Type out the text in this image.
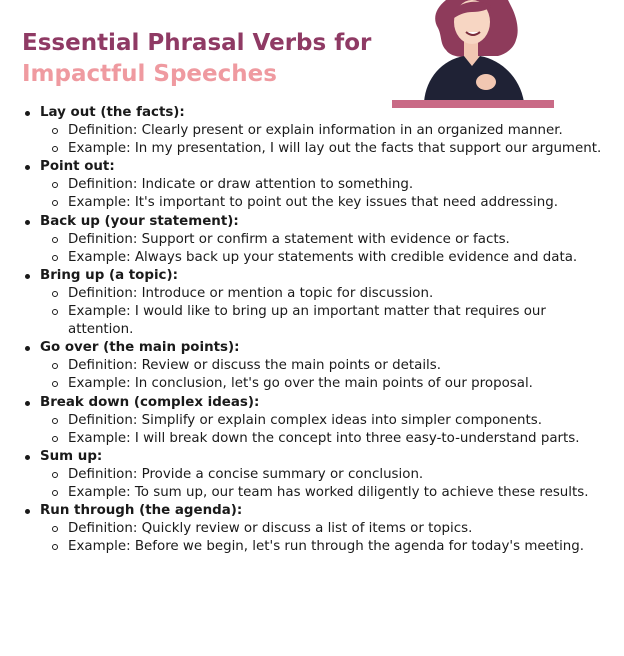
Essential Phrasal Verbs for
Impactful Speeches
Lay out (the facts):
Definition: Clearly present or explain information in an organized manner.
Example: In my presentation, I will lay out the facts that support our argument.
Point out:
Definition: Indicate or draw attention to something.
Example: It's important to point out the key issues that need addressing.
Back up (your statement):
Definition: Support or confirm a statement with evidence or facts.
Example: Always back up your statements with credible evidence and data.
Bring up (a topic):
Definition: Introduce or mention a topic for discussion.
Example: I would like to bring up an important matter that requires our attention.
Go over (the main points):
Definition: Review or discuss the main points or details.
Example: In conclusion, let's go over the main points of our proposal.
Break down (complex ideas):
Definition: Simplify or explain complex ideas into simpler components.
Example: I will break down the concept into three easy-to-understand parts.
Sum up:
Definition: Provide a concise summary or conclusion.
Example: To sum up, our team has worked diligently to achieve these results.
Run through (the agenda):
Definition: Quickly review or discuss a list of items or topics.
Example: Before we begin, let's run through the agenda for today's meeting.
